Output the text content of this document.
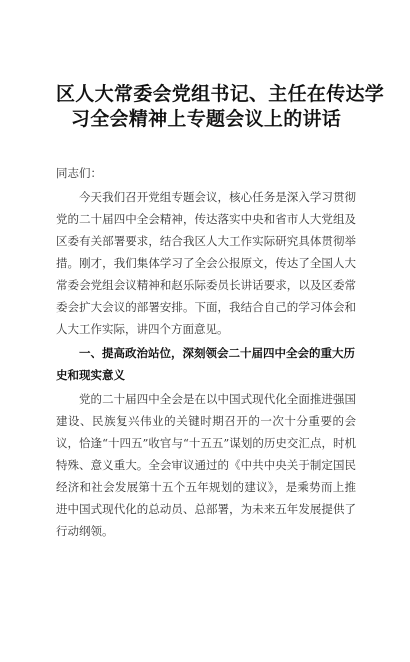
区人大常委会党组书记、主任在传达学
习全会精神上专题会议上的讲话
同志们：

今天我们召开党组专题会议，核心任务是深入学习贯彻党的二十届四中全会精神，传达落实中央和省市人大党组及区委有关部署要求，结合我区人大工作实际研究具体贯彻举措。刚才，我们集体学习了全会公报原文，传达了全国人大常委会党组会议精神和赵乐际委员长讲话要求，以及区委常委会扩大会议的部署安排。下面，我结合自己的学习体会和人大工作实际，讲四个方面意见。

一、提高政治站位，深刻领会二十届四中全会的重大历史和现实意义

党的二十届四中全会是在以中国式现代化全面推进强国建设、民族复兴伟业的关键时期召开的一次十分重要的会议，恰逢“十四五”收官与“十五五”谋划的历史交汇点，时机特殊、意义重大。全会审议通过的《中共中央关于制定国民经济和社会发展第十五个五年规划的建议》，是乘势而上推进中国式现代化的总动员、总部署，为未来五年发展提供了行动纲领。
